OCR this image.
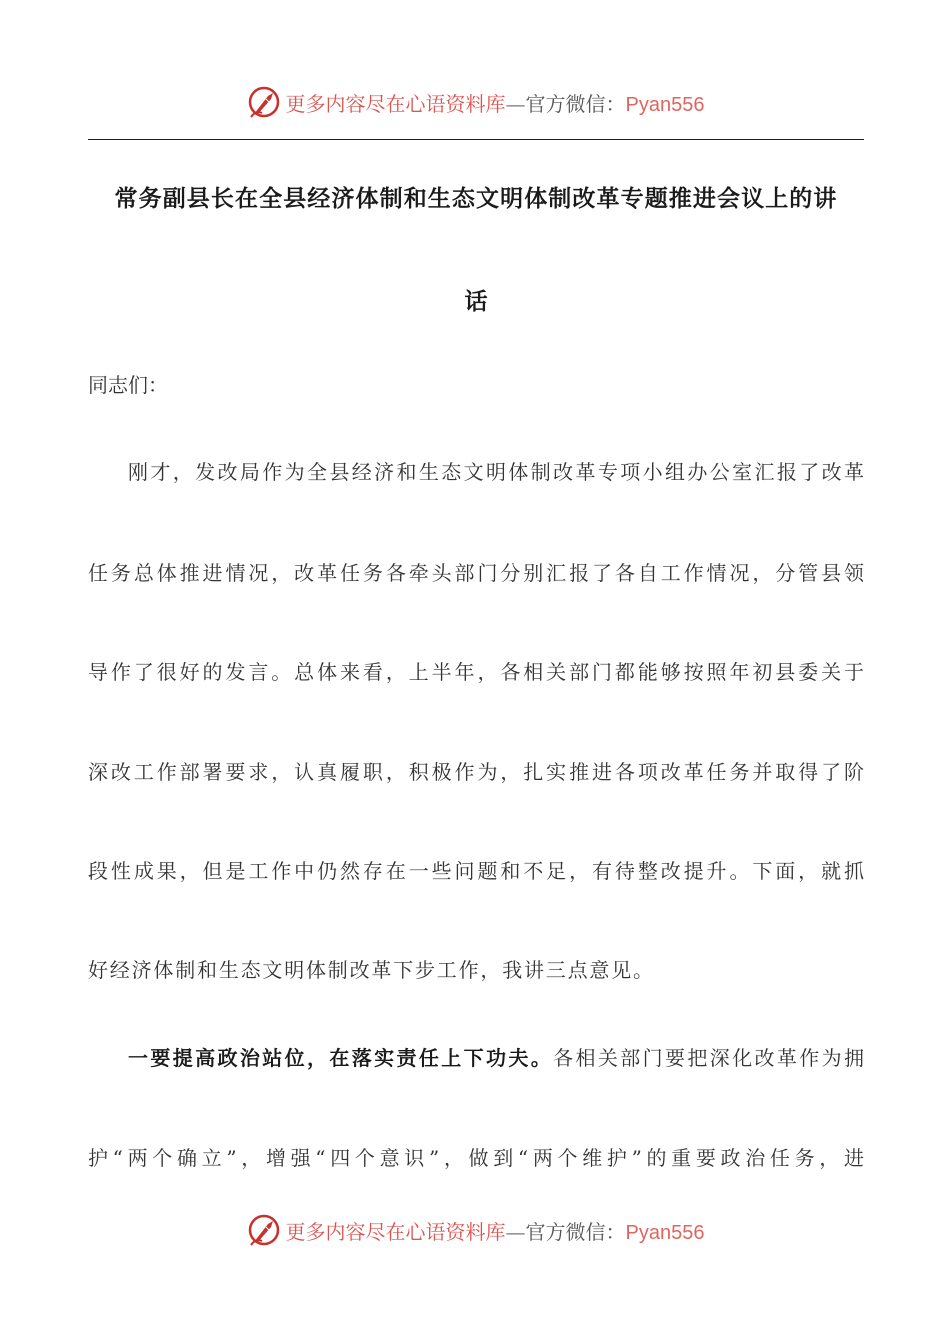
更多内容尽在心语资料库—官方微信：Pyan556
常务副县长在全县经济体制和生态文明体制改革专题推进会议上的讲
话
同志们：
刚才，发改局作为全县经济和生态文明体制改革专项小组办公室汇报了改革
任务总体推进情况，改革任务各牵头部门分别汇报了各自工作情况，分管县领
导作了很好的发言。总体来看，上半年，各相关部门都能够按照年初县委关于
深改工作部署要求，认真履职，积极作为，扎实推进各项改革任务并取得了阶
段性成果，但是工作中仍然存在一些问题和不足，有待整改提升。下面，就抓
好经济体制和生态文明体制改革下步工作，我讲三点意见。
一要提高政治站位，在落实责任上下功夫。各相关部门要把深化改革作为拥
护“两个确立”，增强“四个意识”，做到“两个维护”的重要政治任务，进
更多内容尽在心语资料库—官方微信：Pyan556
